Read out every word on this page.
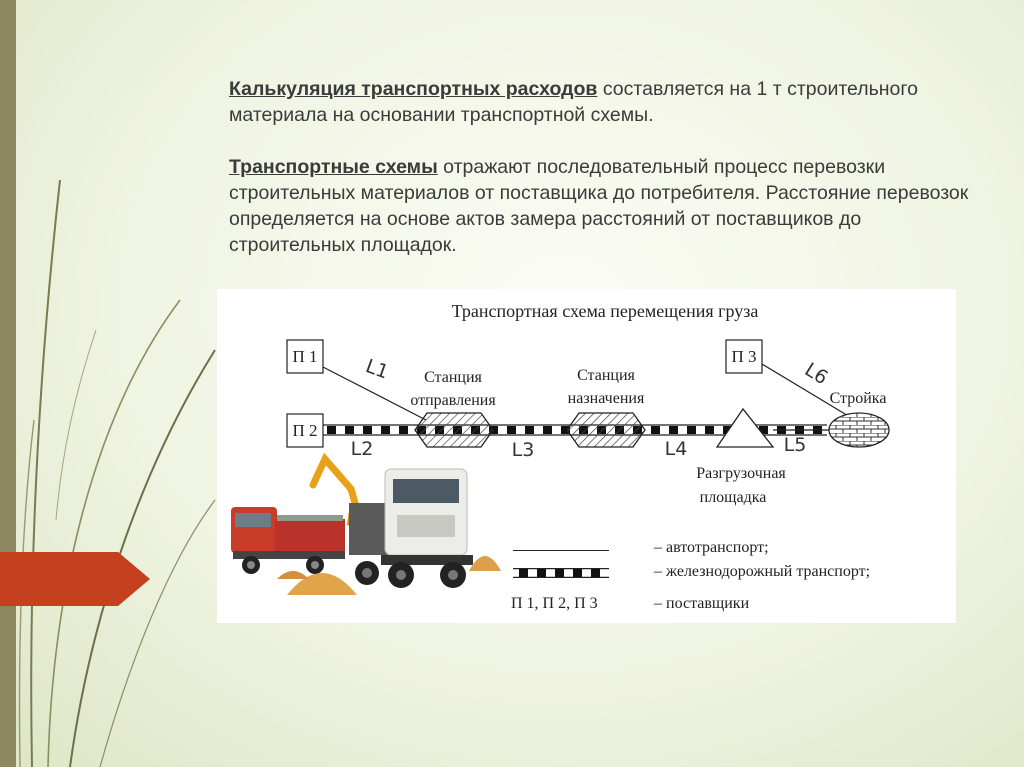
Калькуляция транспортных расходов составляется на 1 т строительного материала на основании транспортной схемы.

Транспортные схемы отражают последовательный процесс перевозки строительных материалов от поставщика до потребителя. Расстояние перевозок определяется на основе актов замера расстояний от поставщиков до строительных площадок.

Транспортная схема перемещения груза
П 1
П 2
П 3
Станция
отправления
Станция
назначения
Разгрузочная
площадка
Стройка
L1
L2	L3	L4	L5
L6
– автотранспорт;
– железнодорожный транспорт;
П 1, П 2, П 3	– поставщики
